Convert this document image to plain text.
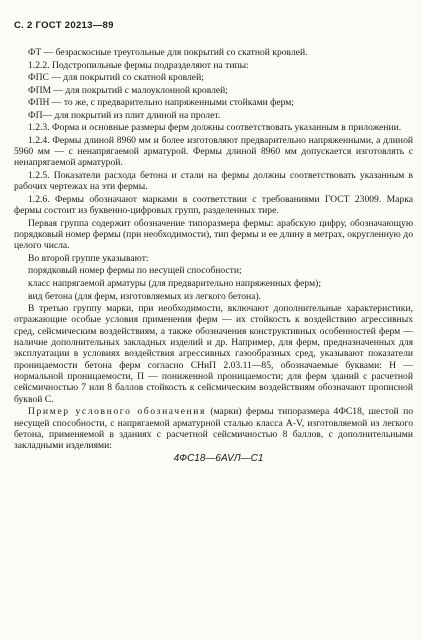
С. 2 ГОСТ 20213—89

ФТ — безраскосные треугольные для покрытий со скатной кровлей.

1.2.2. Подстропильные фермы подразделяют на типы:

ФПС — для покрытий со скатной кровлей;

ФПМ — для покрытий с малоуклонной кровлей;

ФПН — то же, с предварительно напряженными стойками ферм;

ФП— для покрытий из плит длиной на пролет.

1.2.3. Форма и основные размеры ферм должны соответствовать указанным в приложении.

1.2.4. Фермы длиной 8960 мм и более изготовляют предварительно напряженными, а длиной 5960 мм — с ненапрягаемой арматурой. Фермы длиной 8960 мм допускается изготовлять с ненапрягаемой арматурой.

1.2.5. Показатели расхода бетона и стали на фермы должны соответствовать указанным в рабочих чертежах на эти фермы.

1.2.6. Фермы обозначают марками в соответствии с требованиями ГОСТ 23009. Марка фермы состоит из буквенно-цифровых групп, разделенных тире.

Первая группа содержит обозначение типоразмера фермы: арабскую цифру, обозначающую порядковый номер фермы (при необходимости), тип фермы и ее длину в метрах, округленную до целого числа.

Во второй группе указывают:

порядковый номер фермы по несущей способности;

класс напрягаемой арматуры (для предварительно напряженных ферм);

вид бетона (для ферм, изготовляемых из легкого бетона).

В третью группу марки, при необходимости, включают дополнительные характеристики, отражающие особые условия применения ферм — их стойкость к воздействию агрессивных сред, сейсмическим воздействиям, а также обозначения конструктивных особенностей ферм — наличие дополнительных закладных изделий и др. Например, для ферм, предназначенных для эксплуатации в условиях воздействия агрессивных газообразных сред, указывают показатели проницаемости бетона ферм согласно СНиП 2.03.11—85, обозначаемые буквами: Н — нормальной проницаемости, П — пониженной проницаемости; для ферм зданий с расчетной сейсмичностью 7 или 8 баллов стойкость к сейсмическим воздействиям обозначают прописной буквой С.

Пример условного обозначения (марки) фермы типоразмера 4ФС18, шестой по несущей способности, с напрягаемой арматурной сталью класса A-V, изготовляемой из легкого бетона, применяемой в зданиях с расчетной сейсмичностью 8 баллов, с дополнительными закладными изделиями:

4ФС18—6AVЛ—С1
